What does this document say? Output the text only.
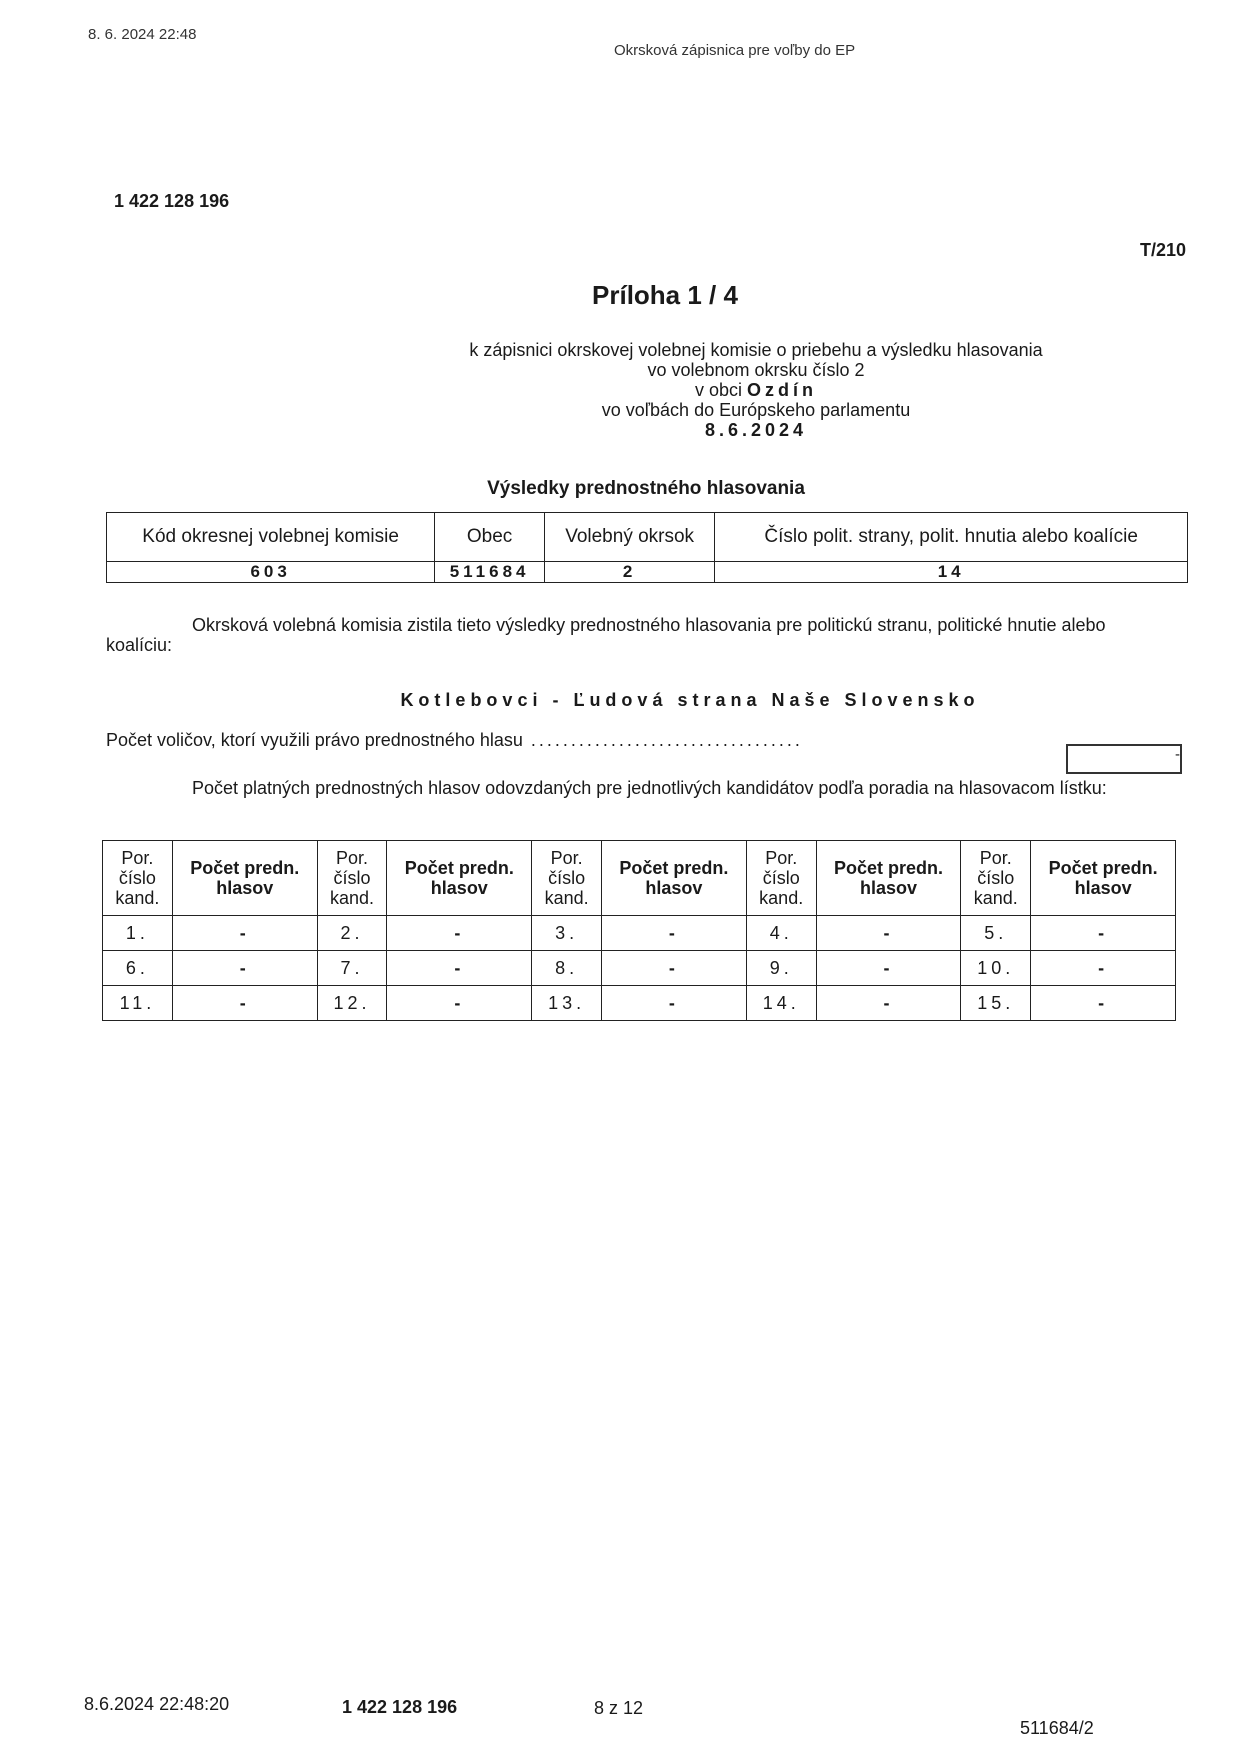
8. 6. 2024 22:48
Okrsková zápisnica pre voľby do EP
1 422 128 196
T/210
Príloha 1 / 4
k zápisnici okrskovej volebnej komisie o priebehu a výsledku hlasovania
vo volebnom okrsku číslo 2
v obci Ozdín
vo voľbách do Európskeho parlamentu
8.6.2024
Výsledky prednostného hlasovania
Kód okresnej volebnej komisie	Obec	Volebný okrsok	Číslo polit. strany, polit. hnutia alebo koalície
603	511684	2	14
Okrsková volebná komisia zistila tieto výsledky prednostného hlasovania pre politickú stranu, politické hnutie alebo koalíciu:
Kotlebovci - Ľudová strana Naše Slovensko
Počet voličov, ktorí využili právo prednostného hlasu ..................................
-
Počet platných prednostných hlasov odovzdaných pre jednotlivých kandidátov podľa poradia na hlasovacom lístku:
Por. číslo kand.	Počet predn. hlasov	Por. číslo kand.	Počet predn. hlasov	Por. číslo kand.	Počet predn. hlasov	Por. číslo kand.	Počet predn. hlasov	Por. číslo kand.	Počet predn. hlasov
1.	-	2.	-	3.	-	4.	-	5.	-
6.	-	7.	-	8.	-	9.	-	10.	-
11.	-	12.	-	13.	-	14.	-	15.	-
8.6.2024 22:48:20	1 422 128 196	8 z 12
511684/2
